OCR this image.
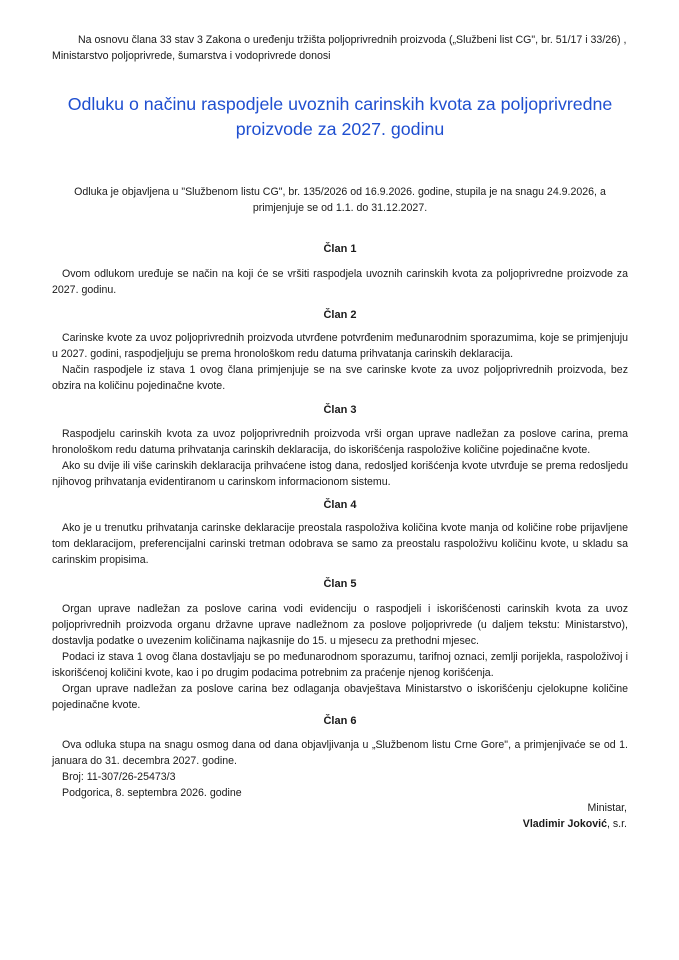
Na osnovu člana 33 stav 3 Zakona o uređenju tržišta poljoprivrednih proizvoda („Službeni list CG", br. 51/17 i 33/26) , Ministarstvo poljoprivrede, šumarstva i vodoprivrede donosi
Odluku o načinu raspodjele uvoznih carinskih kvota za poljoprivredne proizvode za 2027. godinu
Odluka je objavljena u "Službenom listu CG", br. 135/2026 od 16.9.2026. godine, stupila je na snagu 24.9.2026, a primjenjuje se od 1.1. do 31.12.2027.
Član 1
Ovom odlukom uređuje se način na koji će se vršiti raspodjela uvoznih carinskih kvota za poljoprivredne proizvode za 2027. godinu.
Član 2
Carinske kvote za uvoz poljoprivrednih proizvoda utvrđene potvrđenim međunarodnim sporazumima, koje se primjenjuju u 2027. godini, raspodjeljuju se prema hronološkom redu datuma prihvatanja carinskih deklaracija.
Način raspodjele iz stava 1 ovog člana primjenjuje se na sve carinske kvote za uvoz poljoprivrednih proizvoda, bez obzira na količinu pojedinačne kvote.
Član 3
Raspodjelu carinskih kvota za uvoz poljoprivrednih proizvoda vrši organ uprave nadležan za poslove carina, prema hronološkom redu datuma prihvatanja carinskih deklaracija, do iskorišćenja raspoložive količine pojedinačne kvote.
Ako su dvije ili više carinskih deklaracija prihvaćene istog dana, redosljed korišćenja kvote utvrđuje se prema redosljedu njihovog prihvatanja evidentiranom u carinskom informacionom sistemu.
Član 4
Ako je u trenutku prihvatanja carinske deklaracije preostala raspoloživa količina kvote manja od količine robe prijavljene tom deklaracijom, preferencijalni carinski tretman odobrava se samo za preostalu raspoloživu količinu kvote, u skladu sa carinskim propisima.
Član 5
Organ uprave nadležan za poslove carina vodi evidenciju o raspodjeli i iskorišćenosti carinskih kvota za uvoz poljoprivrednih proizvoda organu državne uprave nadležnom za poslove poljoprivrede (u daljem tekstu: Ministarstvo), dostavlja podatke o uvezenim količinama najkasnije do 15. u mjesecu za prethodni mjesec.
Podaci iz stava 1 ovog člana dostavljaju se po međunarodnom sporazumu, tarifnoj oznaci, zemlji porijekla, raspoloživoj i iskorišćenoj količini kvote, kao i po drugim podacima potrebnim za praćenje njenog korišćenja.
Organ uprave nadležan za poslove carina bez odlaganja obavještava Ministarstvo o iskorišćenju cjelokupne količine pojedinačne kvote.
Član 6
Ova odluka stupa na snagu osmog dana od dana objavljivanja u „Službenom listu Crne Gore", a primjenjivaće se od 1. januara do 31. decembra 2027. godine.
Broj: 11-307/26-25473/3
Podgorica, 8. septembra 2026. godine
Ministar,
Vladimir Joković, s.r.
